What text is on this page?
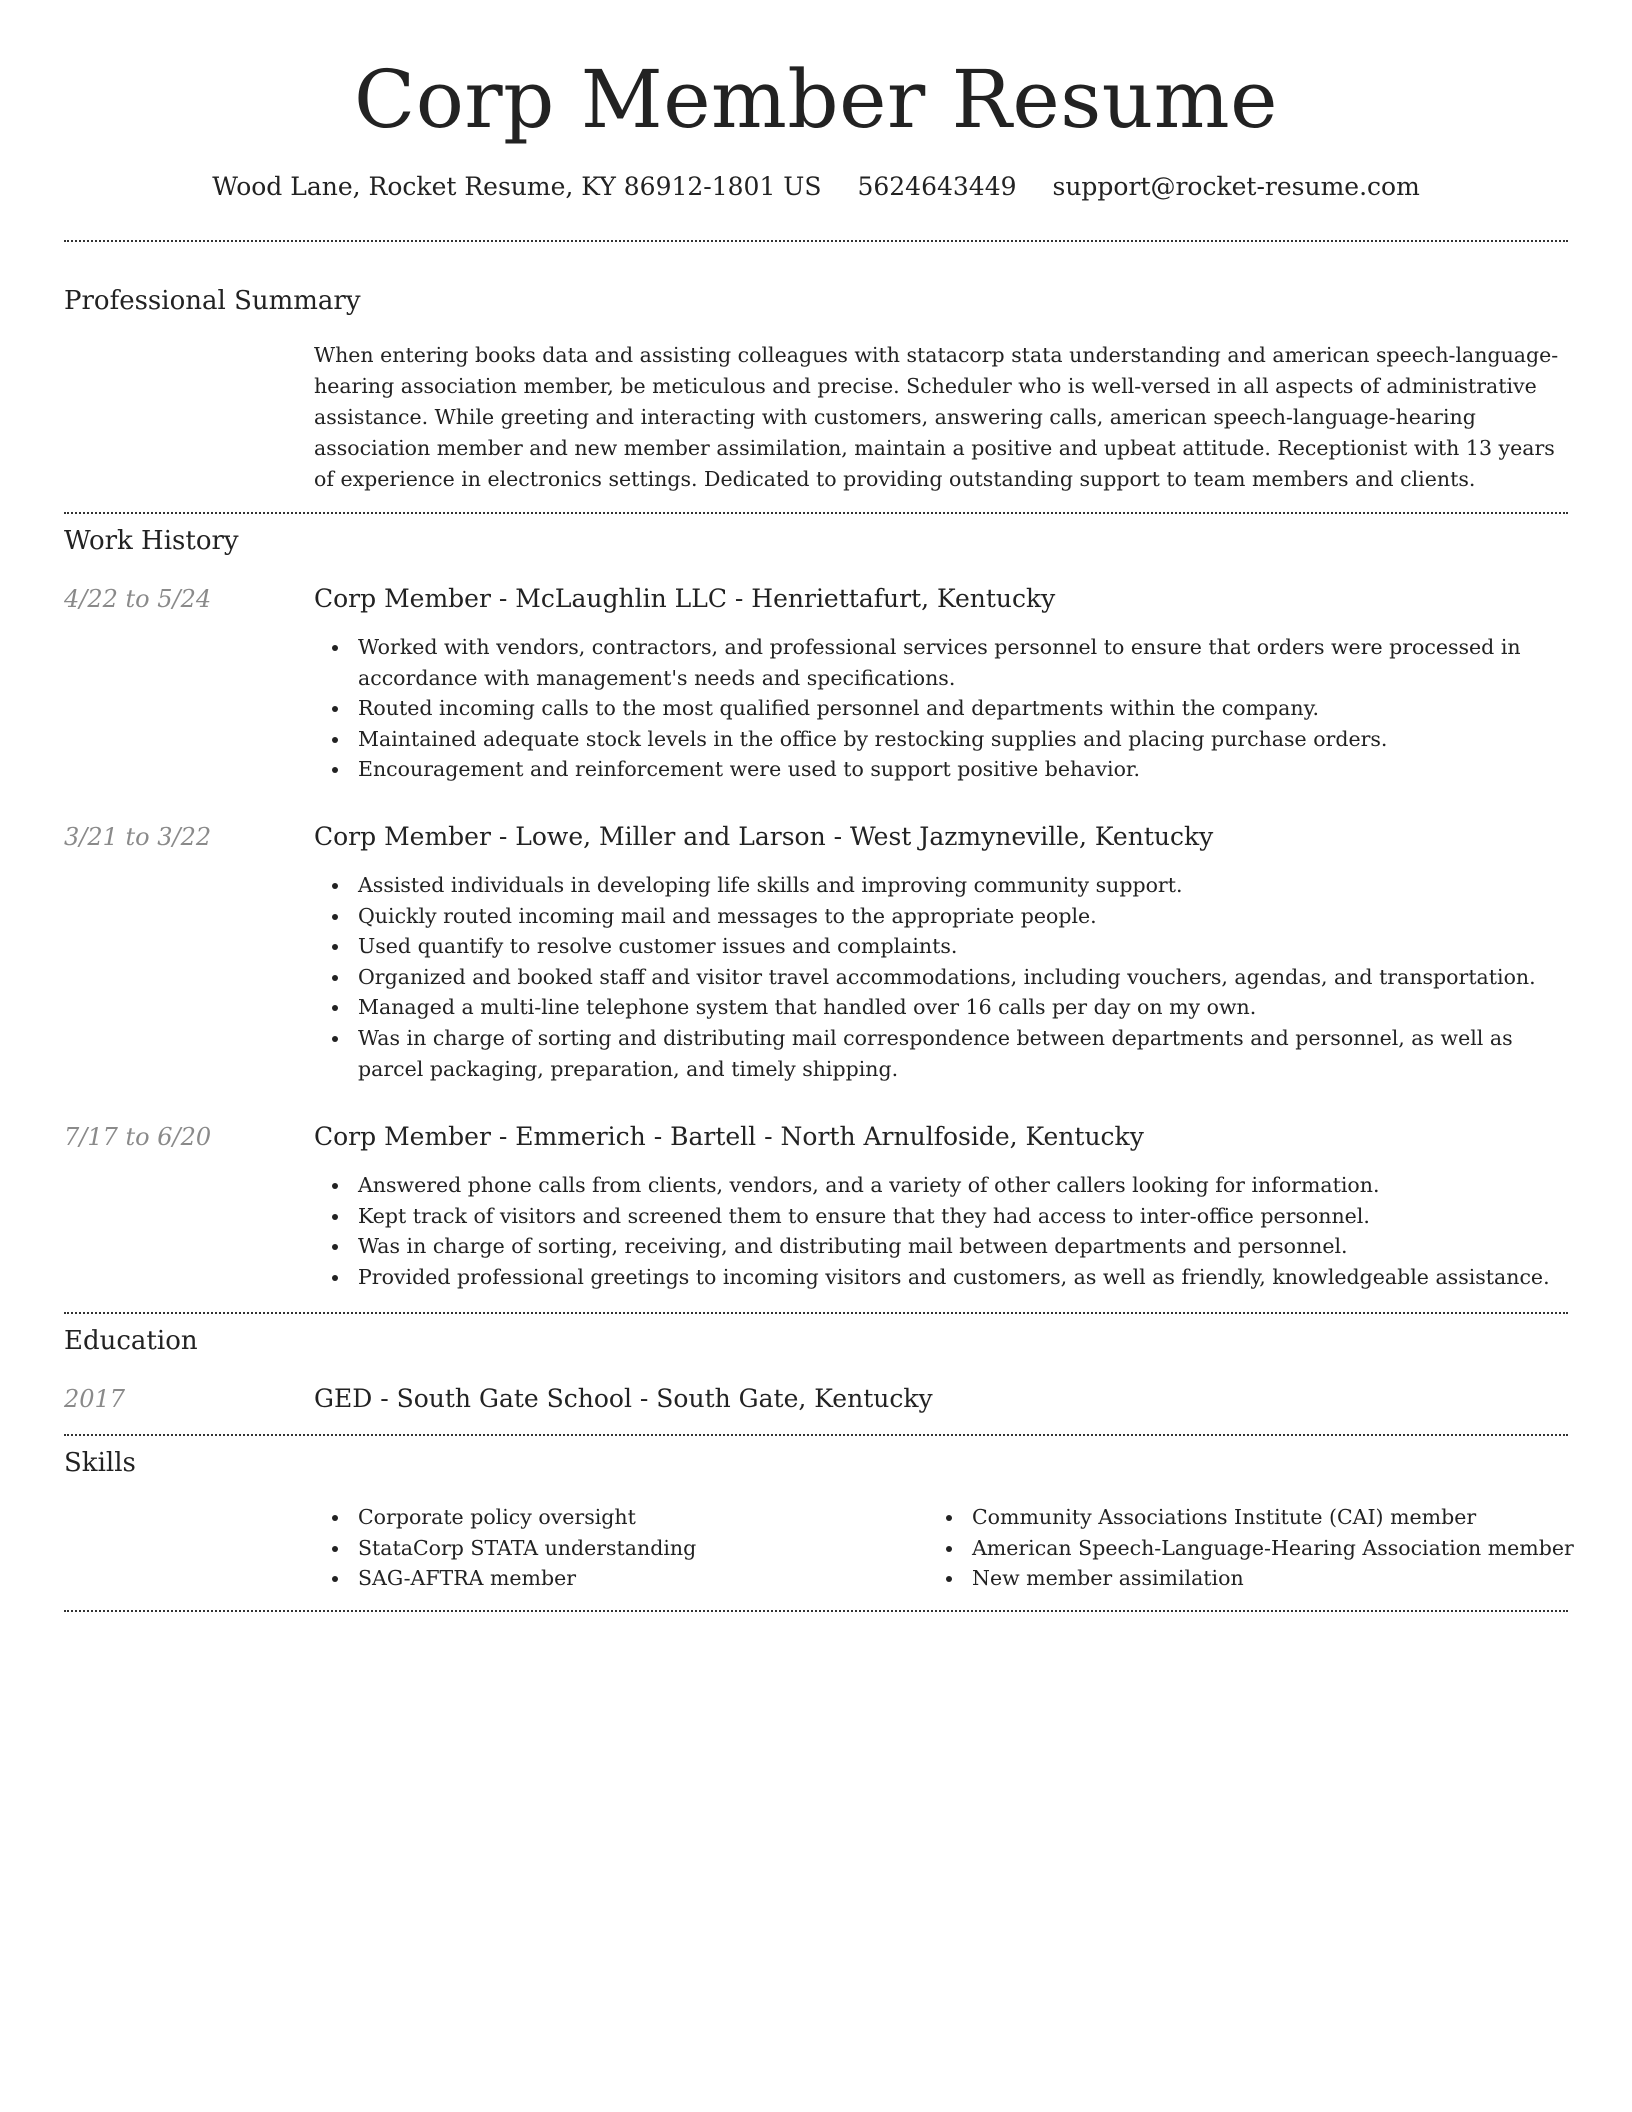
Corp Member Resume
Wood Lane, Rocket Resume, KY 86912-1801 US 5624643449 support@rocket-resume.com
Professional Summary
When entering books data and assisting colleagues with statacorp stata understanding and american speech-language-hearing association member, be meticulous and precise. Scheduler who is well-versed in all aspects of administrative assistance. While greeting and interacting with customers, answering calls, american speech-language-hearing association member and new member assimilation, maintain a positive and upbeat attitude. Receptionist with 13 years of experience in electronics settings. Dedicated to providing outstanding support to team members and clients.
Work History
4/22 to 5/24	Corp Member - McLaughlin LLC - Henriettafurt, Kentucky
Worked with vendors, contractors, and professional services personnel to ensure that orders were processed in accordance with management's needs and specifications.
Routed incoming calls to the most qualified personnel and departments within the company.
Maintained adequate stock levels in the office by restocking supplies and placing purchase orders.
Encouragement and reinforcement were used to support positive behavior.
3/21 to 3/22	Corp Member - Lowe, Miller and Larson - West Jazmyneville, Kentucky
Assisted individuals in developing life skills and improving community support.
Quickly routed incoming mail and messages to the appropriate people.
Used quantify to resolve customer issues and complaints.
Organized and booked staff and visitor travel accommodations, including vouchers, agendas, and transportation.
Managed a multi-line telephone system that handled over 16 calls per day on my own.
Was in charge of sorting and distributing mail correspondence between departments and personnel, as well as parcel packaging, preparation, and timely shipping.
7/17 to 6/20	Corp Member - Emmerich - Bartell - North Arnulfoside, Kentucky
Answered phone calls from clients, vendors, and a variety of other callers looking for information.
Kept track of visitors and screened them to ensure that they had access to inter-office personnel.
Was in charge of sorting, receiving, and distributing mail between departments and personnel.
Provided professional greetings to incoming visitors and customers, as well as friendly, knowledgeable assistance.
Education
2017	GED - South Gate School - South Gate, Kentucky
Skills
Corporate policy oversight
StataCorp STATA understanding
SAG-AFTRA member
Community Associations Institute (CAI) member
American Speech-Language-Hearing Association member
New member assimilation
